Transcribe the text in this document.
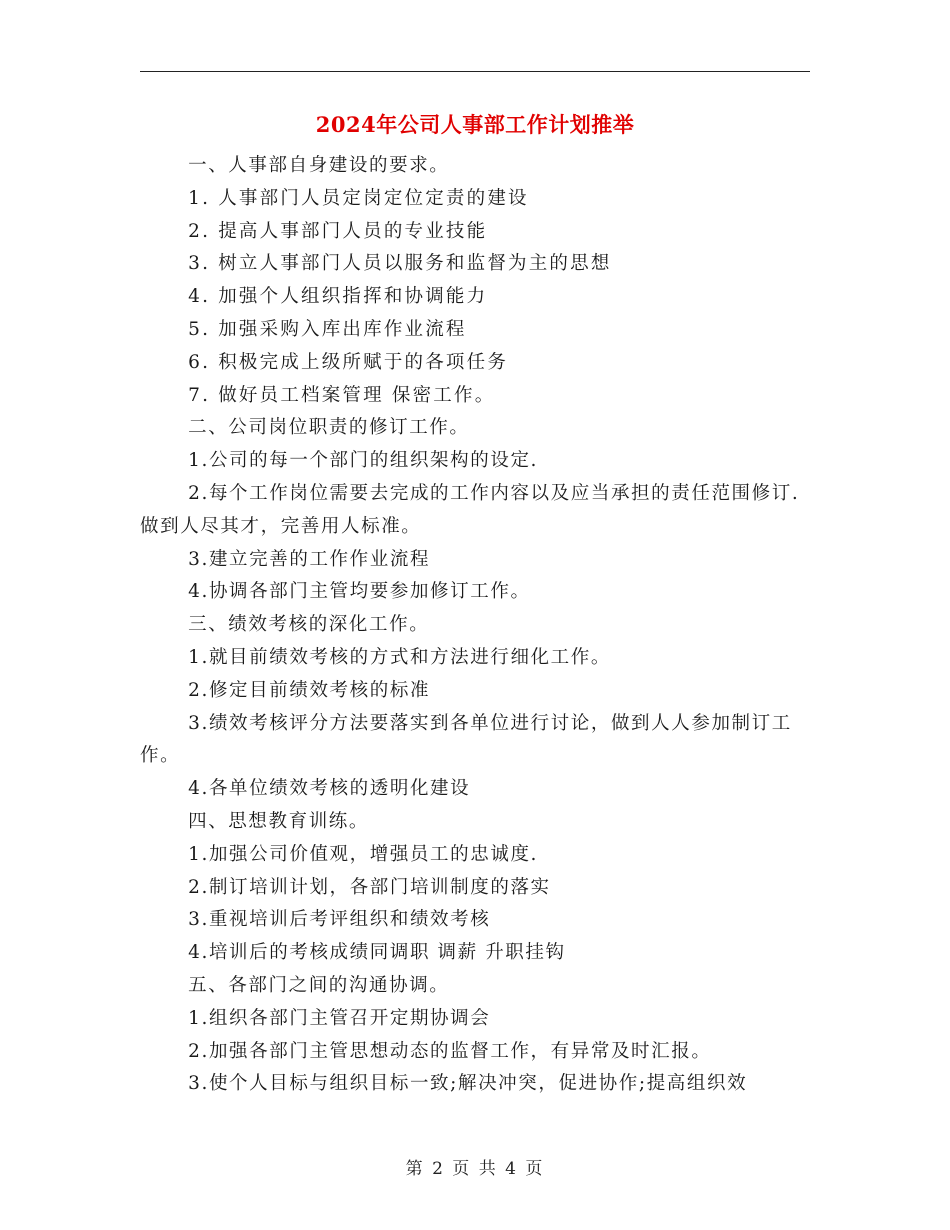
2024年公司人事部工作计划推举

一、人事部自身建设的要求。

1. 人事部门人员定岗定位定责的建设

2. 提高人事部门人员的专业技能

3. 树立人事部门人员以服务和监督为主的思想

4. 加强个人组织指挥和协调能力

5. 加强采购入库出库作业流程

6. 积极完成上级所赋于的各项任务

7. 做好员工档案管理 保密工作。

二、公司岗位职责的修订工作。

1.公司的每一个部门的组织架构的设定.

2.每个工作岗位需要去完成的工作内容以及应当承担的责任范围修订.做到人尽其才，完善用人标准。

3.建立完善的工作作业流程

4.协调各部门主管均要参加修订工作。

三、绩效考核的深化工作。

1.就目前绩效考核的方式和方法进行细化工作。

2.修定目前绩效考核的标准

3.绩效考核评分方法要落实到各单位进行讨论，做到人人参加制订工作。

4.各单位绩效考核的透明化建设

四、思想教育训练。

1.加强公司价值观，增强员工的忠诚度.

2.制订培训计划，各部门培训制度的落实

3.重视培训后考评组织和绩效考核

4.培训后的考核成绩同调职 调薪 升职挂钩

五、各部门之间的沟通协调。

1.组织各部门主管召开定期协调会

2.加强各部门主管思想动态的监督工作，有异常及时汇报。

3.使个人目标与组织目标一致;解决冲突，促进协作;提高组织效

第 2 页 共 4 页
